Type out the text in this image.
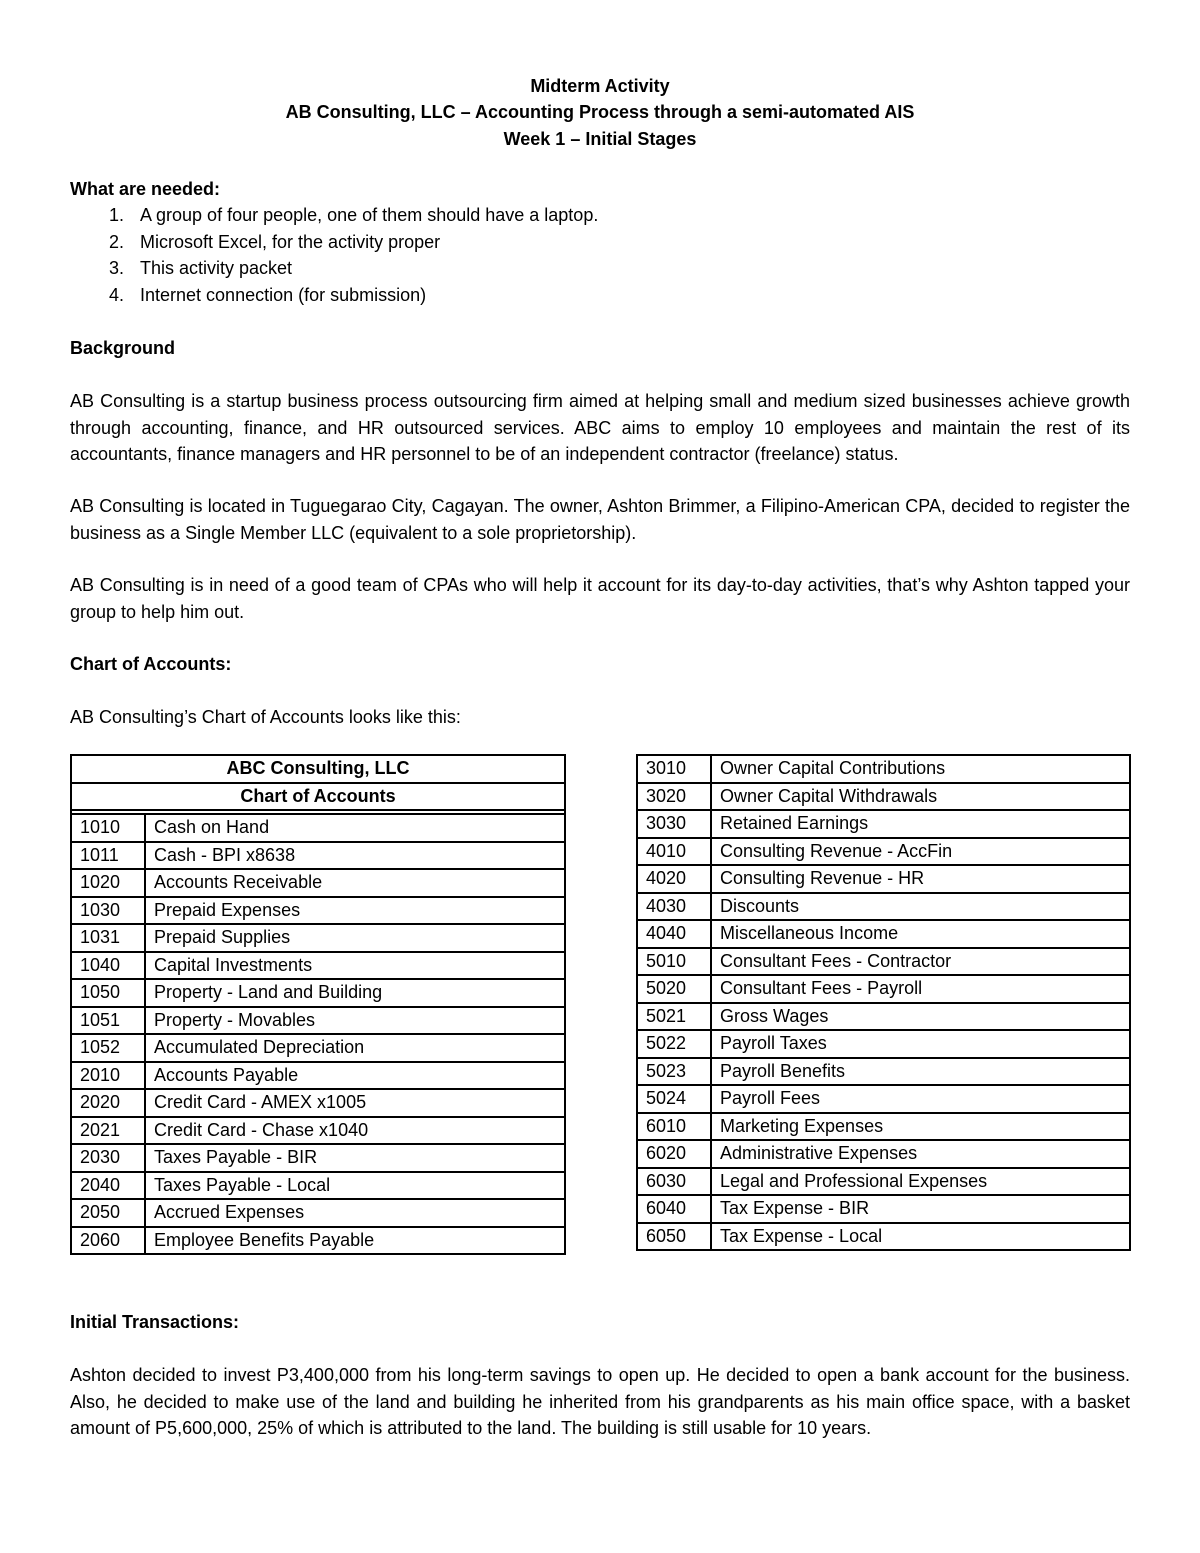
Midterm Activity
AB Consulting, LLC – Accounting Process through a semi-automated AIS
Week 1 – Initial Stages
What are needed:
1. A group of four people, one of them should have a laptop.
2. Microsoft Excel, for the activity proper
3. This activity packet
4. Internet connection (for submission)
Background

AB Consulting is a startup business process outsourcing firm aimed at helping small and medium sized businesses achieve growth through accounting, finance, and HR outsourced services. ABC aims to employ 10 employees and maintain the rest of its accountants, finance managers and HR personnel to be of an independent contractor (freelance) status.

AB Consulting is located in Tuguegarao City, Cagayan. The owner, Ashton Brimmer, a Filipino-American CPA, decided to register the business as a Single Member LLC (equivalent to a sole proprietorship).

AB Consulting is in need of a good team of CPAs who will help it account for its day-to-day activities, that’s why Ashton tapped your group to help him out.

Chart of Accounts:

AB Consulting’s Chart of Accounts looks like this:

ABC Consulting, LLC	
Chart of Accounts	

1010	Cash on Hand
1011	Cash - BPI x8638
1020	Accounts Receivable
1030	Prepaid Expenses
1031	Prepaid Supplies
1040	Capital Investments
1050	Property - Land and Building
1051	Property - Movables
1052	Accumulated Depreciation
2010	Accounts Payable
2020	Credit Card - AMEX x1005
2021	Credit Card - Chase x1040
2030	Taxes Payable - BIR
2040	Taxes Payable - Local
2050	Accrued Expenses
2060	Employee Benefits Payable
3010	Owner Capital Contributions
3020	Owner Capital Withdrawals
3030	Retained Earnings
4010	Consulting Revenue - AccFin
4020	Consulting Revenue - HR
4030	Discounts
4040	Miscellaneous Income
5010	Consultant Fees - Contractor
5020	Consultant Fees - Payroll
5021	Gross Wages
5022	Payroll Taxes
5023	Payroll Benefits
5024	Payroll Fees
6010	Marketing Expenses
6020	Administrative Expenses
6030	Legal and Professional Expenses
6040	Tax Expense - BIR
6050	Tax Expense - Local
Initial Transactions:

Ashton decided to invest P3,400,000 from his long-term savings to open up. He decided to open a bank account for the business. Also, he decided to make use of the land and building he inherited from his grandparents as his main office space, with a basket amount of P5,600,000, 25% of which is attributed to the land. The building is still usable for 10 years.
